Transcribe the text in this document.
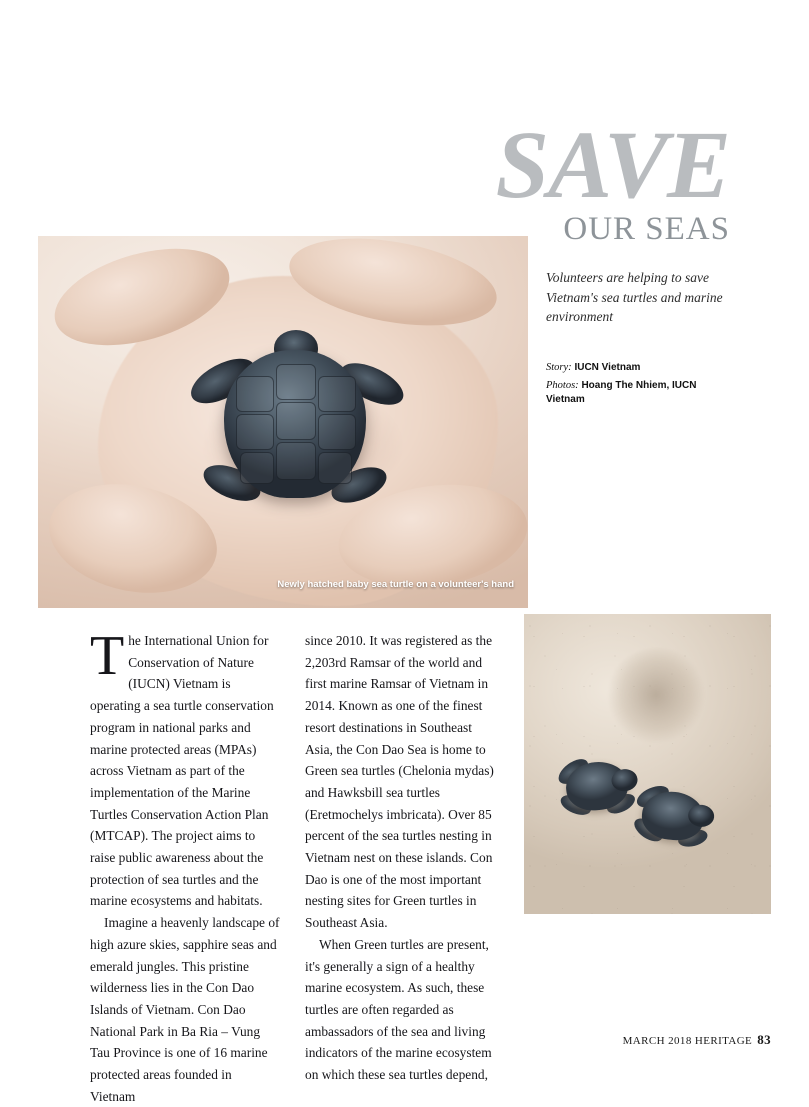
SAVE
OUR SEAS
Volunteers are helping to save Vietnam's sea turtles and marine environment
Story: IUCN Vietnam
Photos: Hoang The Nhiem, IUCN Vietnam
Newly hatched baby sea turtle on a volunteer's hand

The International Union for Conservation of Nature (IUCN) Vietnam is operating a sea turtle conservation program in national parks and marine protected areas (MPAs) across Vietnam as part of the implementation of the Marine Turtles Conservation Action Plan (MTCAP). The project aims to raise public awareness about the protection of sea turtles and the marine ecosystems and habitats.

Imagine a heavenly landscape of high azure skies, sapphire seas and emerald jungles. This pristine wilderness lies in the Con Dao Islands of Vietnam. Con Dao National Park in Ba Ria – Vung Tau Province is one of 16 marine protected areas founded in Vietnam

since 2010. It was registered as the 2,203rd Ramsar of the world and first marine Ramsar of Vietnam in 2014. Known as one of the finest resort destinations in Southeast Asia, the Con Dao Sea is home to Green sea turtles (Chelonia mydas) and Hawksbill sea turtles (Eretmochelys imbricata). Over 85 percent of the sea turtles nesting in Vietnam nest on these islands. Con Dao is one of the most important nesting sites for Green turtles in Southeast Asia.

When Green turtles are present, it's generally a sign of a healthy marine ecosystem. As such, these turtles are often regarded as ambassadors of the sea and living indicators of the marine ecosystem on which these sea turtles depend,

MARCH 2018 HERITAGE 83
